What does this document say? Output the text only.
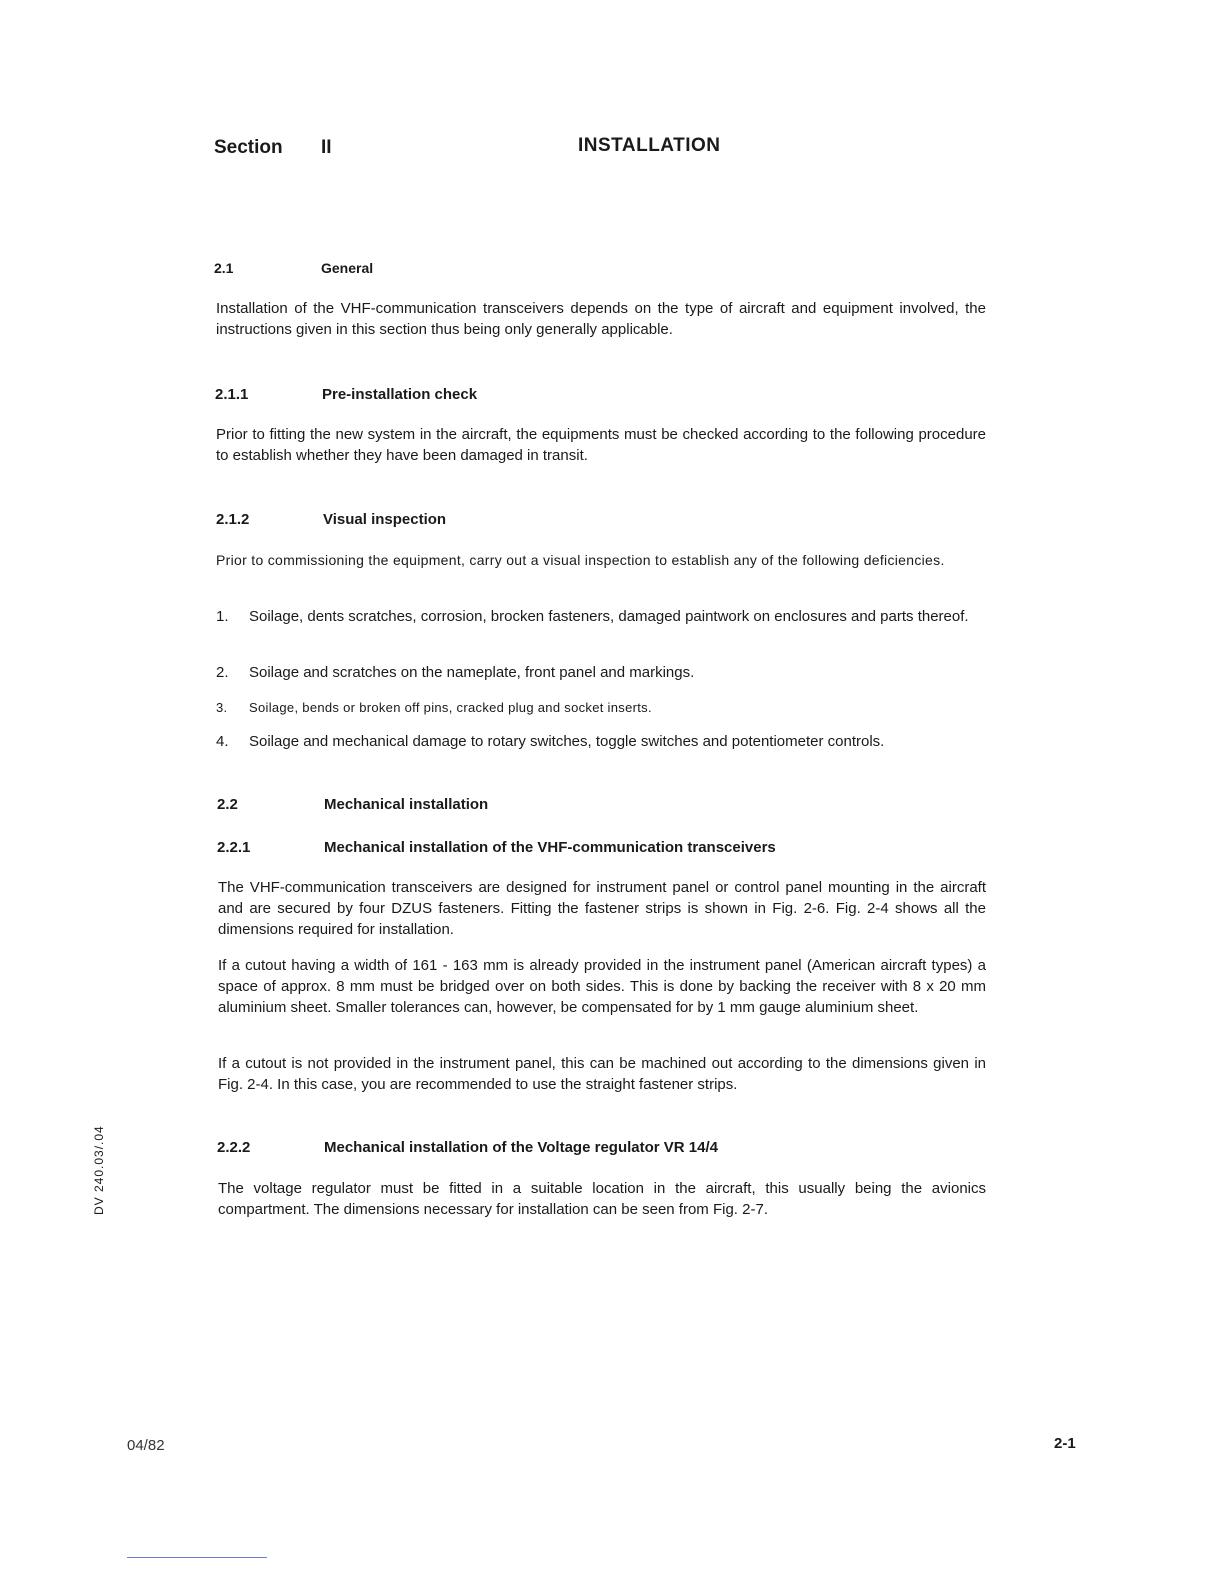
Section II	INSTALLATION
2.1	General

Installation of the VHF-communication transceivers depends on the type of aircraft and equipment involved, the instructions given in this section thus being only generally applicable.

2.1.1	Pre-installation check

Prior to fitting the new system in the aircraft, the equipments must be checked according to the following procedure to establish whether they have been damaged in transit.

2.1.2	Visual inspection

Prior to commissioning the equipment, carry out a visual inspection to establish any of the following deficiencies.

1. Soilage, dents scratches, corrosion, brocken fasteners, damaged paintwork on enclosures and parts thereof.
2. Soilage and scratches on the nameplate, front panel and markings.
3. Soilage, bends or broken off pins, cracked plug and socket inserts.
4. Soilage and mechanical damage to rotary switches, toggle switches and potentiometer controls.
2.2	Mechanical installation
2.2.1	Mechanical installation of the VHF-communication transceivers

The VHF-communication transceivers are designed for instrument panel or control panel mounting in the aircraft and are secured by four DZUS fasteners. Fitting the fastener strips is shown in Fig. 2-6. Fig. 2-4 shows all the dimensions required for installation.

If a cutout having a width of 161 - 163 mm is already provided in the instrument panel (American aircraft types) a space of approx. 8 mm must be bridged over on both sides. This is done by backing the receiver with 8 x 20 mm aluminium sheet. Smaller tolerances can, however, be compensated for by 1 mm gauge aluminium sheet.

If a cutout is not provided in the instrument panel, this can be machined out according to the dimensions given in Fig. 2-4. In this case, you are recommended to use the straight fastener strips.

2.2.2	Mechanical installation of the Voltage regulator VR 14/4

The voltage regulator must be fitted in a suitable location in the aircraft, this usually being the avionics compartment. The dimensions necessary for installation can be seen from Fig. 2-7.

DV 240.03/.04
04/82	2-1
